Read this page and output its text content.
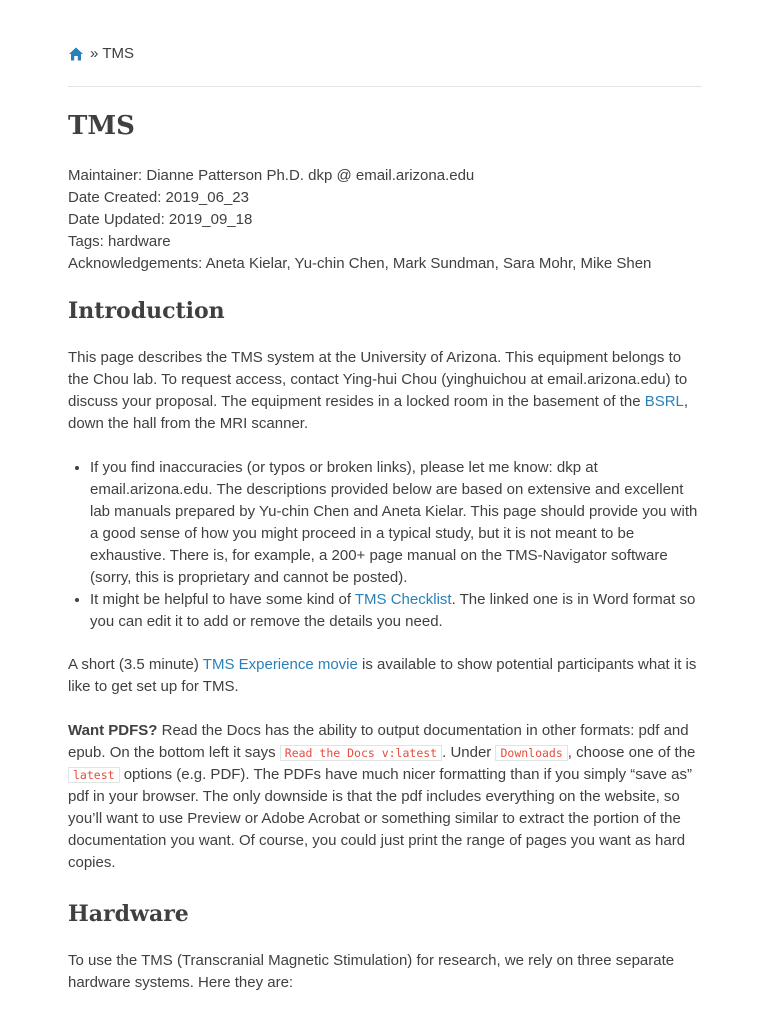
» TMS
TMS
Maintainer: Dianne Patterson Ph.D. dkp @ email.arizona.edu
Date Created: 2019_06_23
Date Updated: 2019_09_18
Tags: hardware
Acknowledgements: Aneta Kielar, Yu-chin Chen, Mark Sundman, Sara Mohr, Mike Shen
Introduction

This page describes the TMS system at the University of Arizona. This equipment belongs to the Chou lab. To request access, contact Ying-hui Chou (yinghuichou at email.arizona.edu) to discuss your proposal. The equipment resides in a locked room in the basement of the BSRL, down the hall from the MRI scanner.

• If you find inaccuracies (or typos or broken links), please let me know: dkp at email.arizona.edu. The descriptions provided below are based on extensive and excellent lab manuals prepared by Yu-chin Chen and Aneta Kielar. This page should provide you with a good sense of how you might proceed in a typical study, but it is not meant to be exhaustive. There is, for example, a 200+ page manual on the TMS-Navigator software (sorry, this is proprietary and cannot be posted).
• It might be helpful to have some kind of TMS Checklist. The linked one is in Word format so you can edit it to add or remove the details you need.

A short (3.5 minute) TMS Experience movie is available to show potential participants what it is like to get set up for TMS.

Want PDFS? Read the Docs has the ability to output documentation in other formats: pdf and epub. On the bottom left it says Read the Docs v:latest . Under Downloads , choose one of the latest options (e.g. PDF). The PDFs have much nicer formatting than if you simply “save as” pdf in your browser. The only downside is that the pdf includes everything on the website, so you’ll want to use Preview or Adobe Acrobat or something similar to extract the portion of the documentation you want. Of course, you could just print the range of pages you want as hard copies.

Hardware

To use the TMS (Transcranial Magnetic Stimulation) for research, we rely on three separate hardware systems. Here they are:
